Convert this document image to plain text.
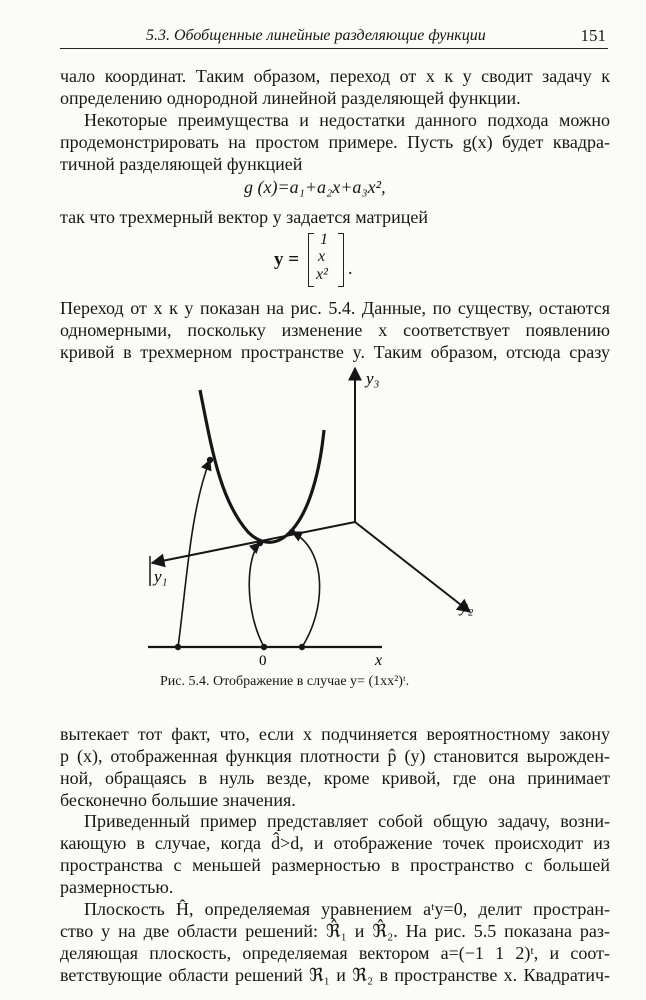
5.3. Обобщенные линейные разделяющие функции	151

чало координат. Таким образом, переход от x к y сводит задачу к

определению однородной линейной разделяющей функции.

Некоторые преимущества и недостатки данного подхода можно

продемонстрировать на простом примере. Пусть g(x) будет квадра-

тичной разделяющей функцией

g (x)=a₁+a₂x+a₃x²,

так что трехмерный вектор y задается матрицей

y =
1
x
x² .

Переход от x к y показан на рис. 5.4. Данные, по существу, остаются

одномерными, поскольку изменение x соответствует появлению

кривой в трехмерном пространстве y. Таким образом, отсюда сразу

y₃
y₁
y₂
0	x
Рис. 5.4. Отображение в случае y= (1xx²)ᵗ.

вытекает тот факт, что, если x подчиняется вероятностному закону

p (x), отображенная функция плотности p̂ (y) становится вырожден-

ной, обращаясь в нуль везде, кроме кривой, где она принимает

бесконечно большие значения.

Приведенный пример представляет собой общую задачу, возни-

кающую в случае, когда d̂>d, и отображение точек происходит из

пространства с меньшей размерностью в пространство с большей

размерностью.

Плоскость Ĥ, определяемая уравнением aᵗy=0, делит простран-

ство y на две области решений: ℜ̂₁ и ℜ̂₂. На рис. 5.5 показана раз-

деляющая плоскость, определяемая вектором a=(−1 1 2)ᵗ, и соот-

ветствующие области решений ℜ₁ и ℜ₂ в пространстве x. Квадратич-
